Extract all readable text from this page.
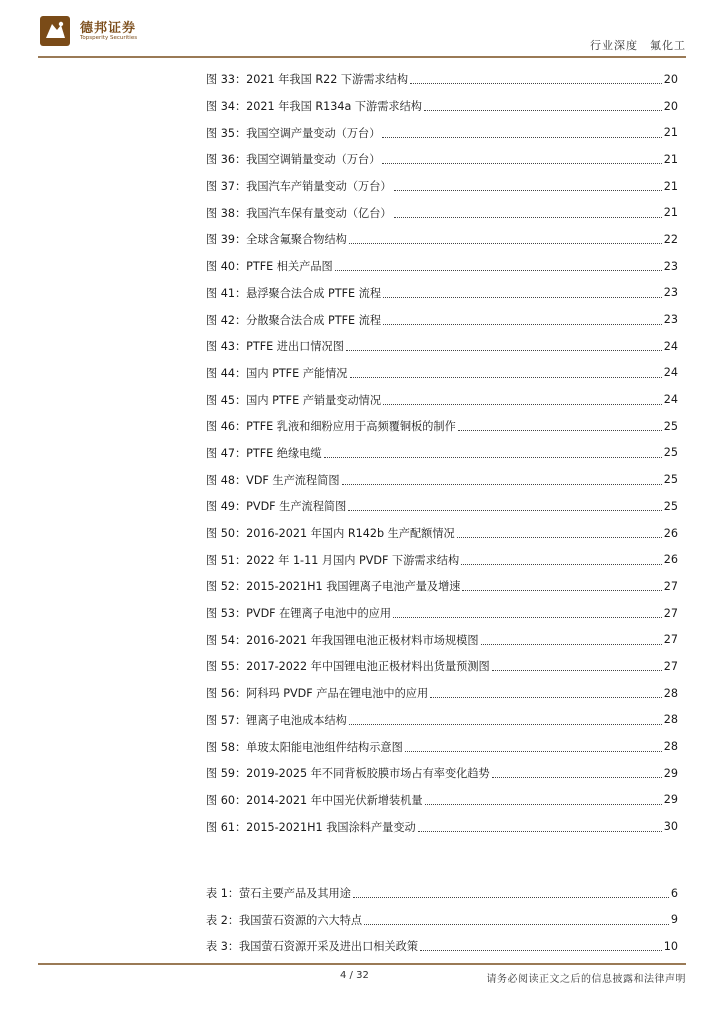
德邦证券
Topsperity Securities
行业深度 氟化工
图 33：2021 年我国 R22 下游需求结构	20
图 34：2021 年我国 R134a 下游需求结构	20
图 35：我国空调产量变动（万台）	21
图 36：我国空调销量变动（万台）	21
图 37：我国汽车产销量变动（万台）	21
图 38：我国汽车保有量变动（亿台）	21
图 39：全球含氟聚合物结构	22
图 40：PTFE 相关产品图	23
图 41：悬浮聚合法合成 PTFE 流程	23
图 42：分散聚合法合成 PTFE 流程	23
图 43：PTFE 进出口情况图	24
图 44：国内 PTFE 产能情况	24
图 45：国内 PTFE 产销量变动情况	24
图 46：PTFE 乳液和细粉应用于高频覆铜板的制作	25
图 47：PTFE 绝缘电缆	25
图 48：VDF 生产流程简图	25
图 49：PVDF 生产流程简图	25
图 50：2016-2021 年国内 R142b 生产配额情况	26
图 51：2022 年 1-11 月国内 PVDF 下游需求结构	26
图 52：2015-2021H1 我国锂离子电池产量及增速	27
图 53：PVDF 在锂离子电池中的应用	27
图 54：2016-2021 年我国锂电池正极材料市场规模图	27
图 55：2017-2022 年中国锂电池正极材料出货量预测图	27
图 56：阿科玛 PVDF 产品在锂电池中的应用	28
图 57：锂离子电池成本结构	28
图 58：单玻太阳能电池组件结构示意图	28
图 59：2019-2025 年不同背板胶膜市场占有率变化趋势	29
图 60：2014-2021 年中国光伏新增装机量	29
图 61：2015-2021H1 我国涂料产量变动	30
表 1：萤石主要产品及其用途	6
表 2：我国萤石资源的六大特点	9
表 3：我国萤石资源开采及进出口相关政策	10
4 / 32	请务必阅读正文之后的信息披露和法律声明
